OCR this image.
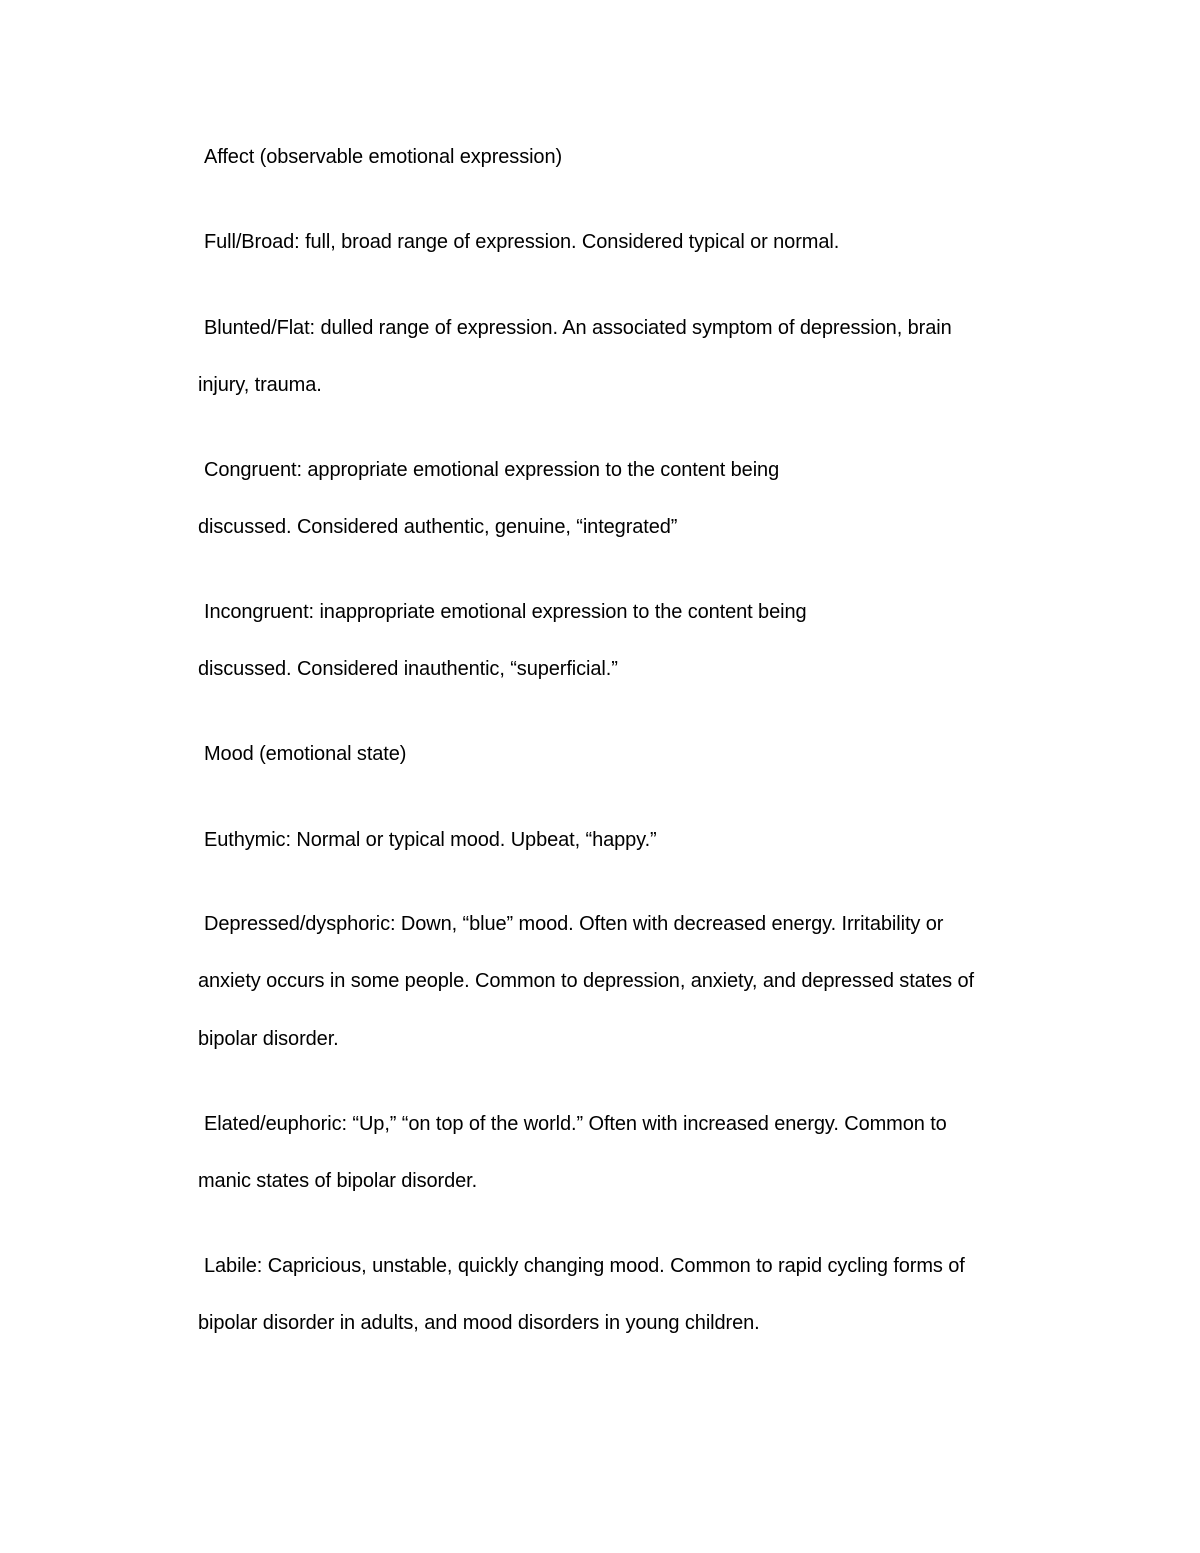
Affect (observable emotional expression)
Full/Broad: full, broad range of expression. Considered typical or normal.
Blunted/Flat: dulled range of expression. An associated symptom of depression, brain
injury, trauma.
Congruent: appropriate emotional expression to the content being
discussed. Considered authentic, genuine, “integrated”
Incongruent: inappropriate emotional expression to the content being
discussed. Considered inauthentic, “superficial.”
Mood (emotional state)
Euthymic: Normal or typical mood. Upbeat, “happy.”
Depressed/dysphoric: Down, “blue” mood. Often with decreased energy. Irritability or
anxiety occurs in some people. Common to depression, anxiety, and depressed states of
bipolar disorder.
Elated/euphoric: “Up,” “on top of the world.” Often with increased energy. Common to
manic states of bipolar disorder.
Labile: Capricious, unstable, quickly changing mood. Common to rapid cycling forms of
bipolar disorder in adults, and mood disorders in young children.
